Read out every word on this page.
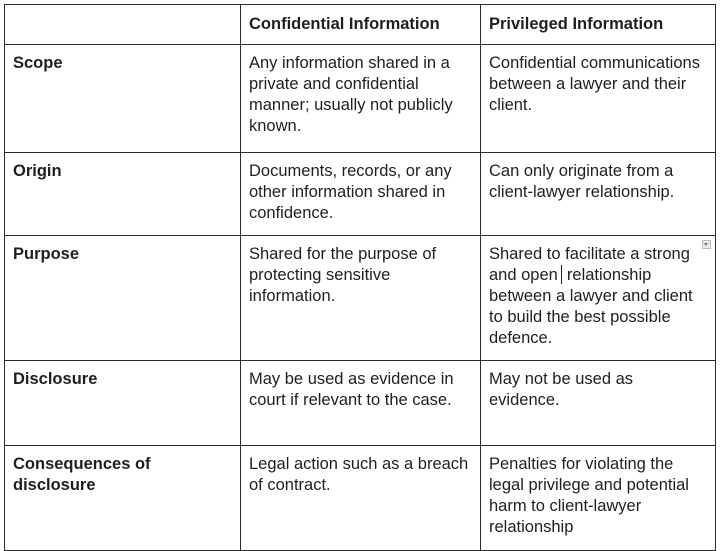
	Confidential Information	Privileged Information
Scope	Any information shared in a private and confidential manner; usually not publicly known.	Confidential communications between a lawyer and their client.

Origin	Documents, records, or any other information shared in confidence.	Can only originate from a client-lawyer relationship.

Purpose	Shared for the purpose of protecting sensitive information.	Shared to facilitate a strong and open relationship between a lawyer and client to build the best possible defence.

Disclosure	May be used as evidence in court if relevant to the case.	May not be used as evidence.

Consequences of disclosure	Legal action such as a breach of contract.	Penalties for violating the legal privilege and potential harm to client-lawyer relationship
